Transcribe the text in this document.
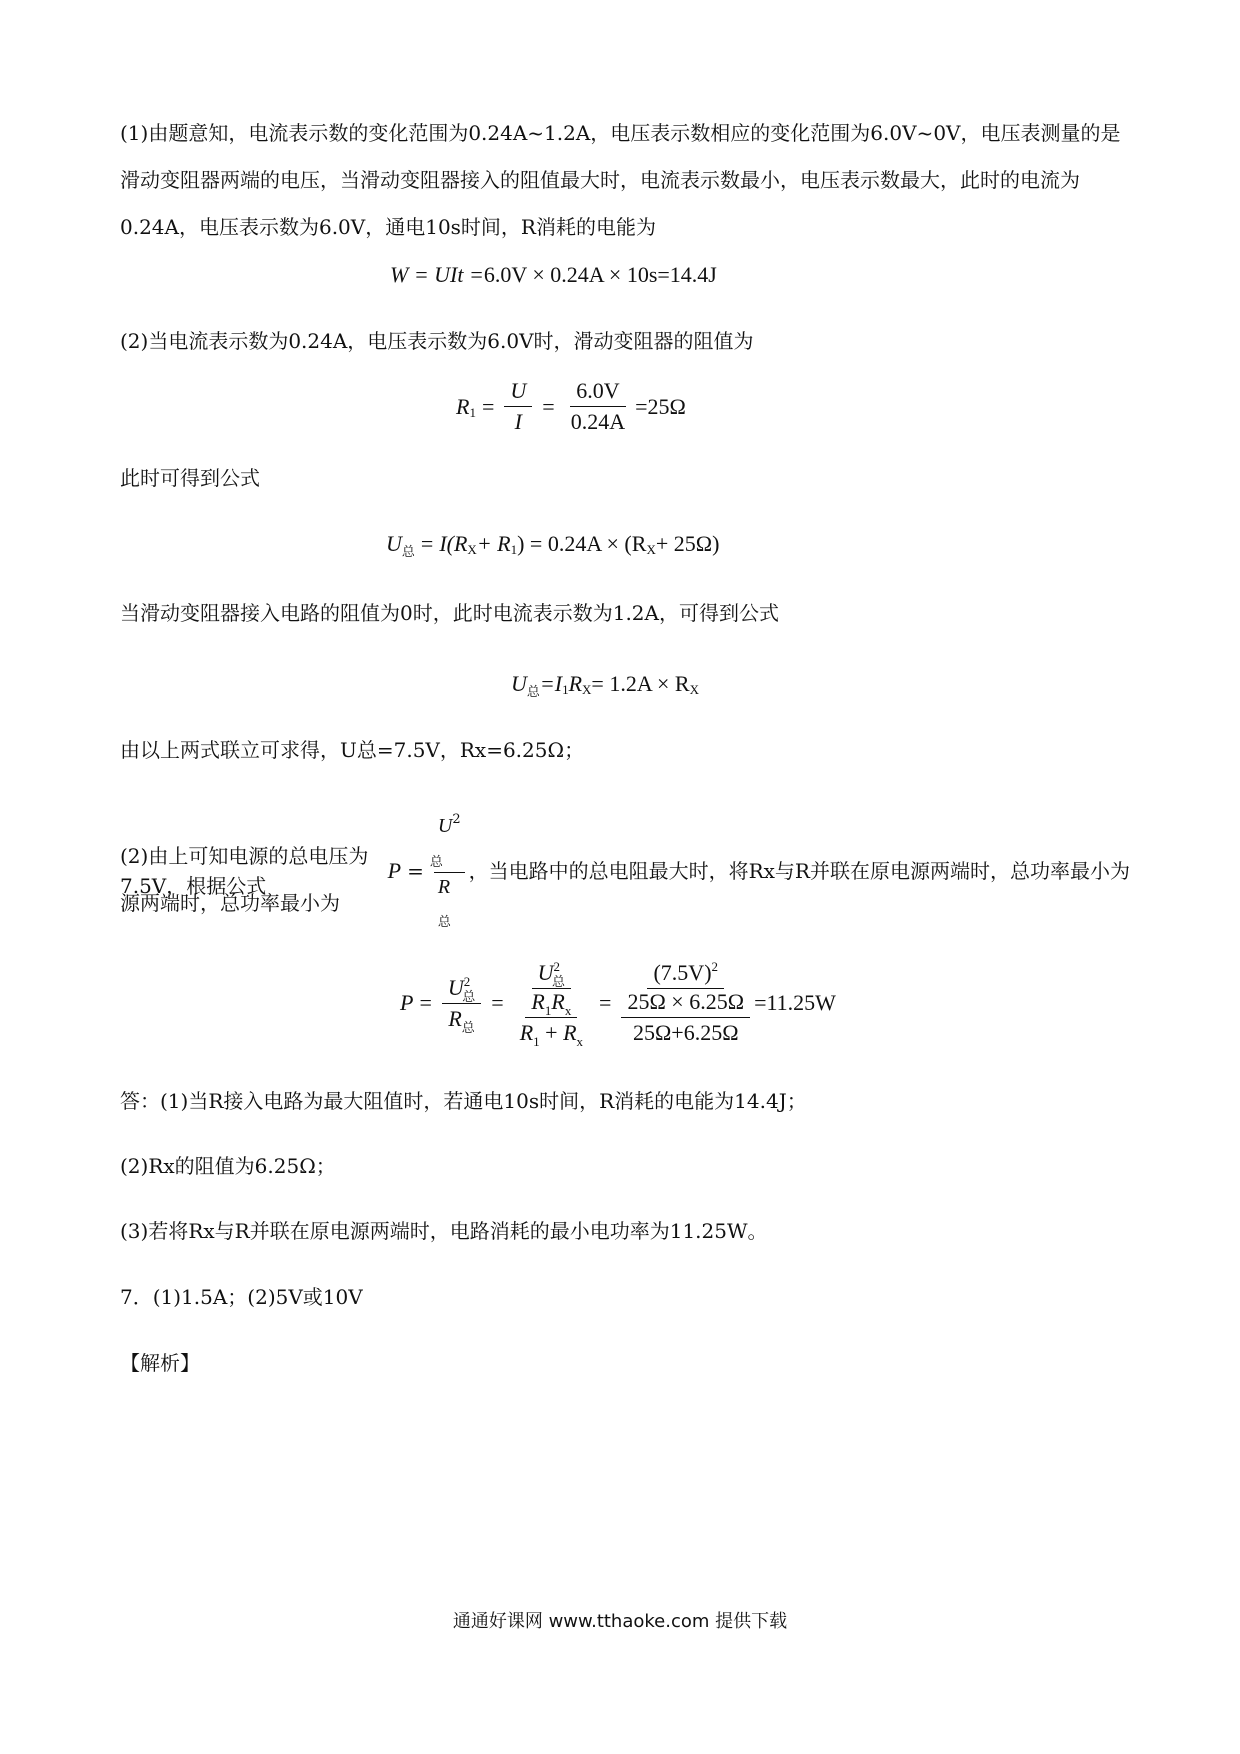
(1)由题意知，电流表示数的变化范围为0.24A~1.2A，电压表示数相应的变化范围为6.0V~0V，电压表测量的是滑动变阻器两端的电压，当滑动变阻器接入的阻值最大时，电流表示数最小，电压表示数最大，此时的电流为0.24A，电压表示数为6.0V，通电10s时间，R消耗的电能为

W = UIt = 6.0V × 0.24A × 10s=14.4J

(2)当电流表示数为0.24A，电压表示数为6.0V时，滑动变阻器的阻值为

R $1 = \frac{U}{I} = \frac{6.0V}{0.24A} =25\Omega$

此时可得到公式

U 总 = I(R X + R 1 ) = 0.24A × (R X + 25Ω)

当滑动变阻器接入电路的阻值为0时，此时电流表示数为1.2A，可得到公式

U 总 =I 1 R X = 1.2A × R X

由以上两式联立可求得，U总=7.5V，Rx=6.25Ω；

(2)由上可知电源的总电压为7.5V，根据公式
$P = \frac{U^2_总}{R_总}$ ，当电路中的总电阻最大时，将Rx与R并联在原电源两端时，总功率最小为

源两端时，总功率最小为

$P = \frac{U^2_总}{R_总} = \frac{U^2_总}{\frac{R_1R_x}{R_1 + R_x}} = \frac{(7.5V)^2}{\frac{25\Omega \times 6.25\Omega}{25\Omega+6.25\Omega}} =11.25W$

答：(1)当R接入电路为最大阻值时，若通电10s时间，R消耗的电能为14.4J；

(2)Rx的阻值为6.25Ω；

(3)若将Rx与R并联在原电源两端时，电路消耗的最小电功率为11.25W。

7．(1)1.5A；(2)5V或10V

【解析】

通通好课网 www.tthaoke.com 提供下载
